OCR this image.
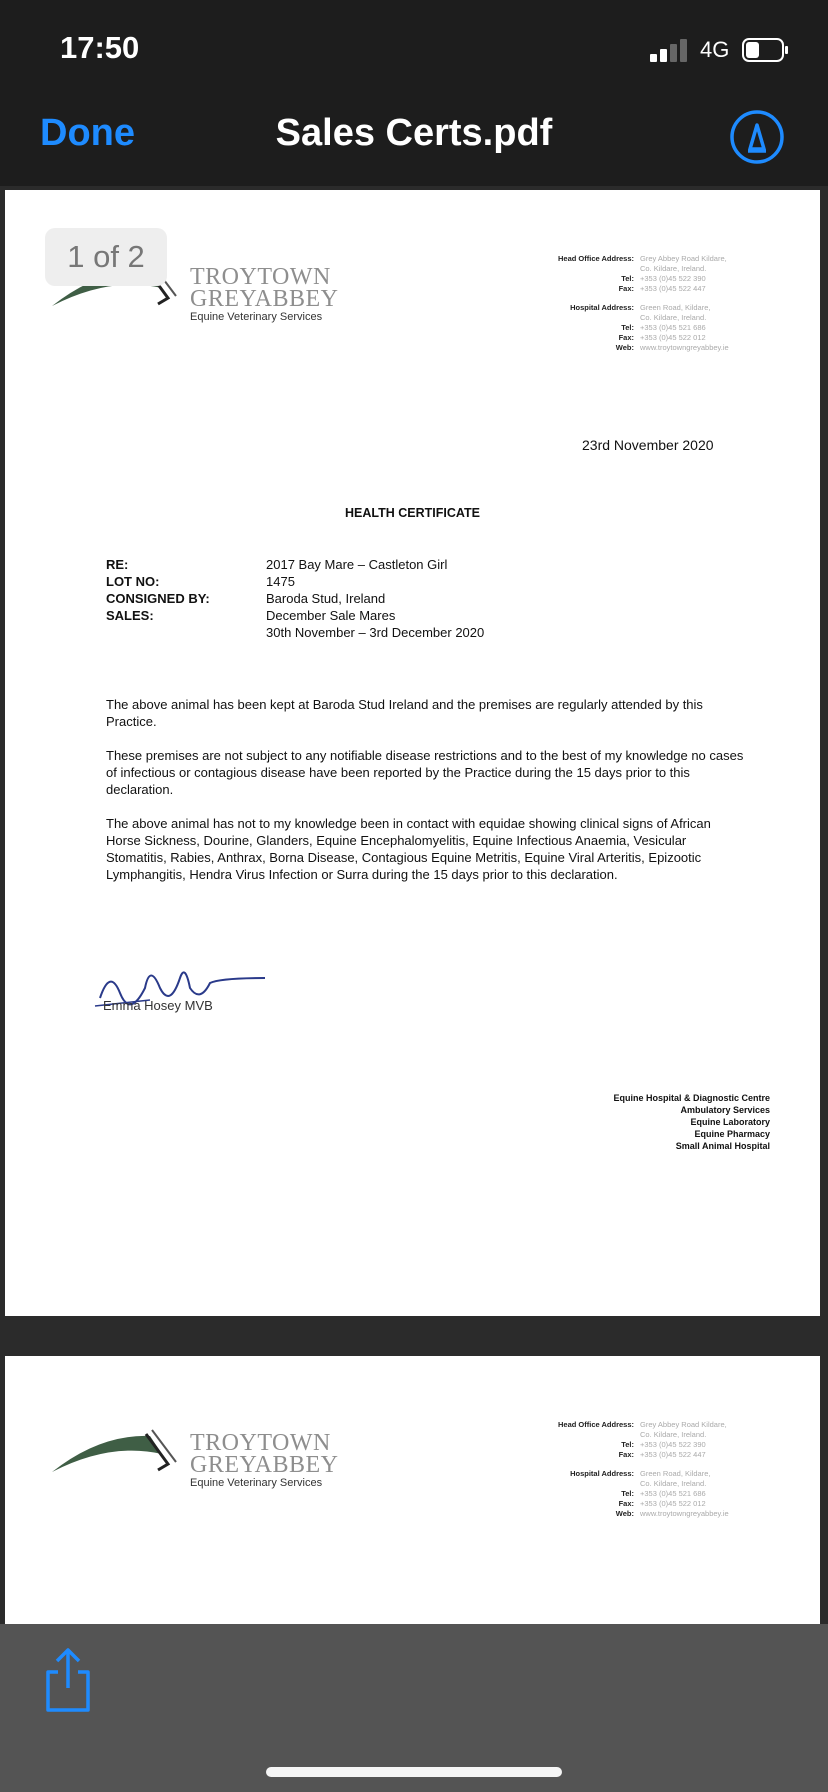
17:50	4G
Done	Sales Certs.pdf
1 of 2
TROYTOWN
GREYABBEY
Equine Veterinary Services
Head Office Address: Grey Abbey Road Kildare,
Co. Kildare, Ireland.
Tel: +353 (0)45 522 390
Fax: +353 (0)45 522 447
Hospital Address: Green Road, Kildare,
Co. Kildare, Ireland.
Tel: +353 (0)45 521 686
Fax: +353 (0)45 522 012
Web: www.troytowngreyabbey.ie
23rd November 2020
HEALTH CERTIFICATE
RE:	2017 Bay Mare – Castleton Girl
LOT NO:	1475
CONSIGNED BY:	Baroda Stud, Ireland
SALES:	December Sale Mares
30th November – 3rd December 2020

The above animal has been kept at Baroda Stud Ireland and the premises are regularly attended by this Practice.

These premises are not subject to any notifiable disease restrictions and to the best of my knowledge no cases of infectious or contagious disease have been reported by the Practice during the 15 days prior to this declaration.

The above animal has not to my knowledge been in contact with equidae showing clinical signs of African Horse Sickness, Dourine, Glanders, Equine Encephalomyelitis, Equine Infectious Anaemia, Vesicular Stomatitis, Rabies, Anthrax, Borna Disease, Contagious Equine Metritis, Equine Viral Arteritis, Epizootic Lymphangitis, Hendra Virus Infection or Surra during the 15 days prior to this declaration.

Emma Hosey MVB
Equine Hospital & Diagnostic Centre
Ambulatory Services
Equine Laboratory
Equine Pharmacy
Small Animal Hospital
TROYTOWN
GREYABBEY
Equine Veterinary Services
Head Office Address: Grey Abbey Road Kildare,
Co. Kildare, Ireland.
Tel: +353 (0)45 522 390
Fax: +353 (0)45 522 447
Hospital Address: Green Road, Kildare,
Co. Kildare, Ireland.
Tel: +353 (0)45 521 686
Fax: +353 (0)45 522 012
Web: www.troytowngreyabbey.ie
